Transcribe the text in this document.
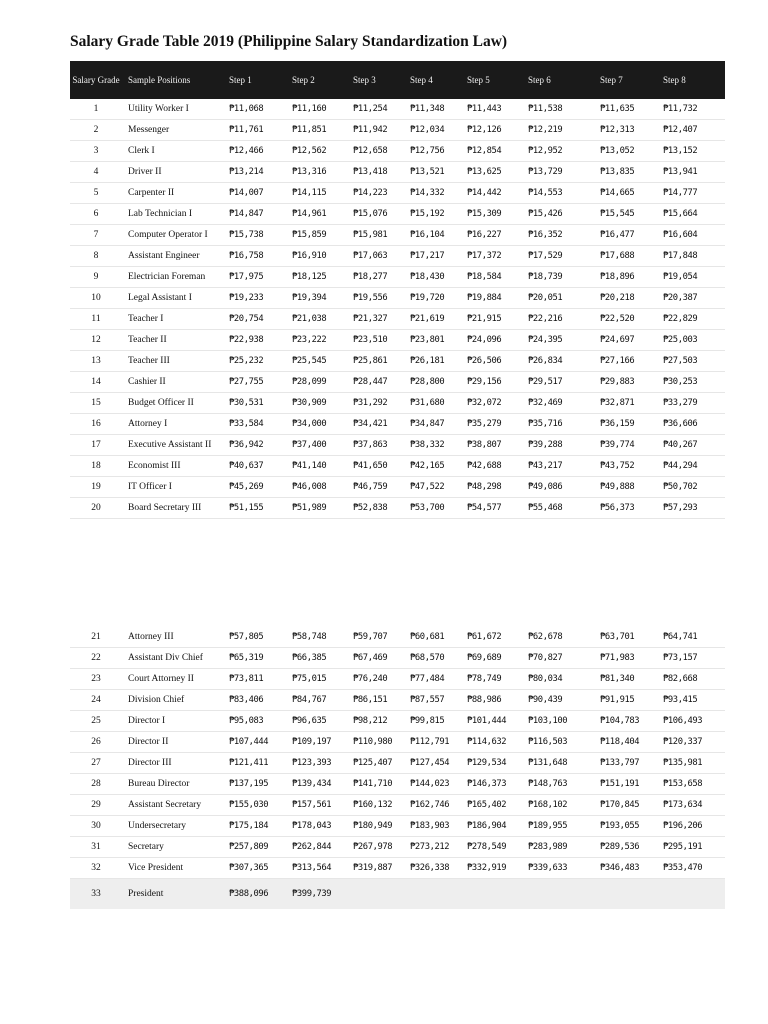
Salary Grade Table 2019 (Philippine Salary Standardization Law)
Salary Grade	Sample Positions	Step 1	Step 2	Step 3	Step 4	Step 5	Step 6	Step 7	Step 8
1	Utility Worker I	₱11,068	₱11,160	₱11,254	₱11,348	₱11,443	₱11,538	₱11,635	₱11,732
2	Messenger	₱11,761	₱11,851	₱11,942	₱12,034	₱12,126	₱12,219	₱12,313	₱12,407
3	Clerk I	₱12,466	₱12,562	₱12,658	₱12,756	₱12,854	₱12,952	₱13,052	₱13,152
4	Driver II	₱13,214	₱13,316	₱13,418	₱13,521	₱13,625	₱13,729	₱13,835	₱13,941
5	Carpenter II	₱14,007	₱14,115	₱14,223	₱14,332	₱14,442	₱14,553	₱14,665	₱14,777
6	Lab Technician I	₱14,847	₱14,961	₱15,076	₱15,192	₱15,309	₱15,426	₱15,545	₱15,664
7	Computer Operator I	₱15,738	₱15,859	₱15,981	₱16,104	₱16,227	₱16,352	₱16,477	₱16,604
8	Assistant Engineer	₱16,758	₱16,910	₱17,063	₱17,217	₱17,372	₱17,529	₱17,688	₱17,848
9	Electrician Foreman	₱17,975	₱18,125	₱18,277	₱18,430	₱18,584	₱18,739	₱18,896	₱19,054
10	Legal Assistant I	₱19,233	₱19,394	₱19,556	₱19,720	₱19,884	₱20,051	₱20,218	₱20,387
11	Teacher I	₱20,754	₱21,038	₱21,327	₱21,619	₱21,915	₱22,216	₱22,520	₱22,829
12	Teacher II	₱22,938	₱23,222	₱23,510	₱23,801	₱24,096	₱24,395	₱24,697	₱25,003
13	Teacher III	₱25,232	₱25,545	₱25,861	₱26,181	₱26,506	₱26,834	₱27,166	₱27,503
14	Cashier II	₱27,755	₱28,099	₱28,447	₱28,800	₱29,156	₱29,517	₱29,883	₱30,253
15	Budget Officer II	₱30,531	₱30,909	₱31,292	₱31,680	₱32,072	₱32,469	₱32,871	₱33,279
16	Attorney I	₱33,584	₱34,000	₱34,421	₱34,847	₱35,279	₱35,716	₱36,159	₱36,606
17	Executive Assistant II	₱36,942	₱37,400	₱37,863	₱38,332	₱38,807	₱39,288	₱39,774	₱40,267
18	Economist III	₱40,637	₱41,140	₱41,650	₱42,165	₱42,688	₱43,217	₱43,752	₱44,294
19	IT Officer I	₱45,269	₱46,008	₱46,759	₱47,522	₱48,298	₱49,086	₱49,888	₱50,702
20	Board Secretary III	₱51,155	₱51,989	₱52,838	₱53,700	₱54,577	₱55,468	₱56,373	₱57,293
21	Attorney III	₱57,805	₱58,748	₱59,707	₱60,681	₱61,672	₱62,678	₱63,701	₱64,741
22	Assistant Div Chief	₱65,319	₱66,385	₱67,469	₱68,570	₱69,689	₱70,827	₱71,983	₱73,157
23	Court Attorney II	₱73,811	₱75,015	₱76,240	₱77,484	₱78,749	₱80,034	₱81,340	₱82,668
24	Division Chief	₱83,406	₱84,767	₱86,151	₱87,557	₱88,986	₱90,439	₱91,915	₱93,415
25	Director I	₱95,083	₱96,635	₱98,212	₱99,815	₱101,444	₱103,100	₱104,783	₱106,493
26	Director II	₱107,444	₱109,197	₱110,980	₱112,791	₱114,632	₱116,503	₱118,404	₱120,337
27	Director III	₱121,411	₱123,393	₱125,407	₱127,454	₱129,534	₱131,648	₱133,797	₱135,981
28	Bureau Director	₱137,195	₱139,434	₱141,710	₱144,023	₱146,373	₱148,763	₱151,191	₱153,658
29	Assistant Secretary	₱155,030	₱157,561	₱160,132	₱162,746	₱165,402	₱168,102	₱170,845	₱173,634
30	Undersecretary	₱175,184	₱178,043	₱180,949	₱183,903	₱186,904	₱189,955	₱193,055	₱196,206
31	Secretary	₱257,809	₱262,844	₱267,978	₱273,212	₱278,549	₱283,989	₱289,536	₱295,191
32	Vice President	₱307,365	₱313,564	₱319,887	₱326,338	₱332,919	₱339,633	₱346,483	₱353,470
33	President	₱388,096	₱399,739						
